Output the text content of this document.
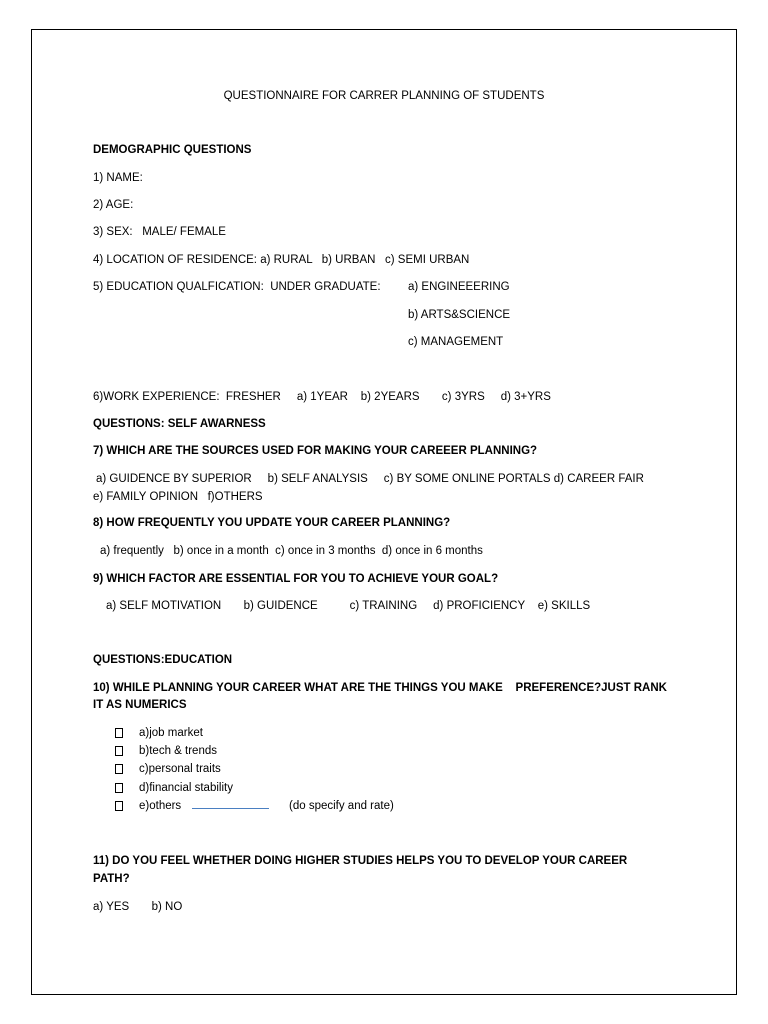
QUESTIONNAIRE FOR CARRER PLANNING OF STUDENTS
DEMOGRAPHIC QUESTIONS
1) NAME:
2) AGE:
3) SEX:   MALE/ FEMALE
4) LOCATION OF RESIDENCE: a) RURAL   b) URBAN   c) SEMI URBAN
5) EDUCATION QUALFICATION:  UNDER GRADUATE: a) ENGINEEERING
b) ARTS&SCIENCE
c) MANAGEMENT
6)WORK EXPERIENCE:  FRESHER     a) 1YEAR    b) 2YEARS       c) 3YRS     d) 3+YRS
QUESTIONS: SELF AWARNESS
7) WHICH ARE THE SOURCES USED FOR MAKING YOUR CAREEER PLANNING?
a) GUIDENCE BY SUPERIOR     b) SELF ANALYSIS     c) BY SOME ONLINE PORTALS d) CAREER FAIR
e) FAMILY OPINION   f)OTHERS
8) HOW FREQUENTLY YOU UPDATE YOUR CAREER PLANNING?
a) frequently   b) once in a month  c) once in 3 months  d) once in 6 months
9) WHICH FACTOR ARE ESSENTIAL FOR YOU TO ACHIEVE YOUR GOAL?
a) SELF MOTIVATION       b) GUIDENCE          c) TRAINING     d) PROFICIENCY    e) SKILLS
QUESTIONS:EDUCATION
10) WHILE PLANNING YOUR CAREER WHAT ARE THE THINGS YOU MAKE    PREFERENCE?JUST RANK
IT AS NUMERICS
a)job market
b)tech & trends
c)personal traits
d)financial stability
e)others	(do specify and rate)
11) DO YOU FEEL WHETHER DOING HIGHER STUDIES HELPS YOU TO DEVELOP YOUR CAREER
PATH?
a) YES       b) NO
